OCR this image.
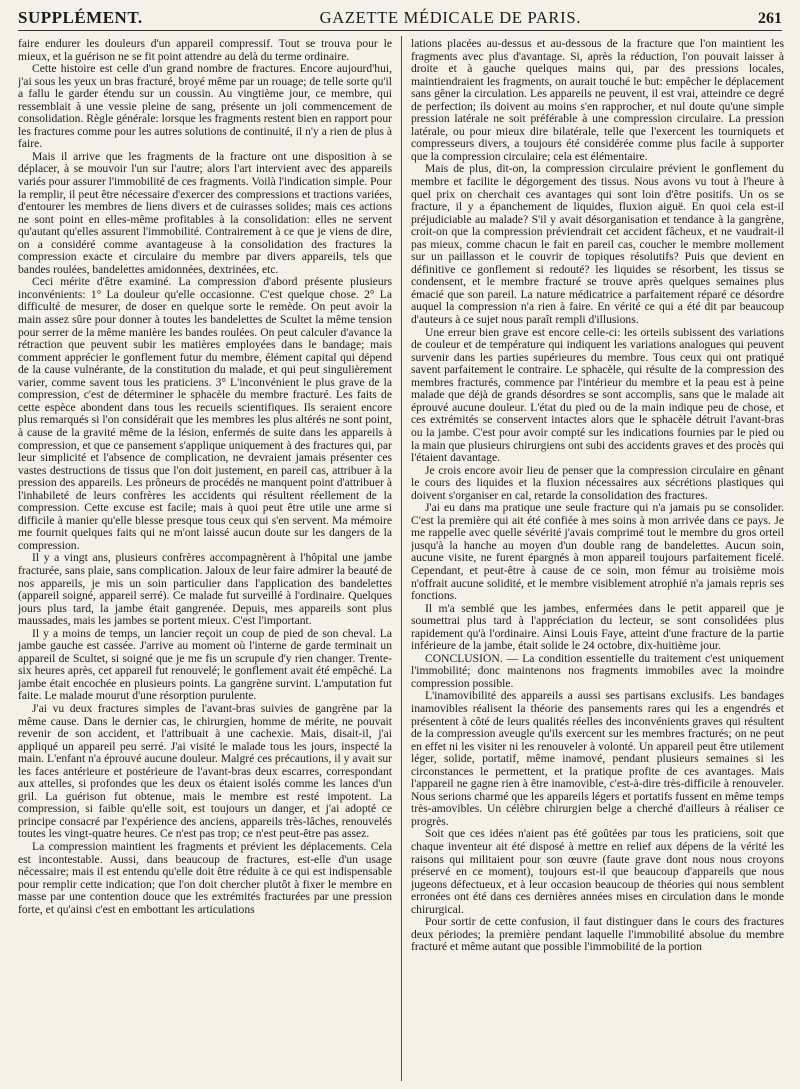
SUPPLÉMENT.	GAZETTE MÉDICALE DE PARIS.	261

faire endurer les douleurs d'un appareil compressif. Tout se trouva pour le mieux, et la guérison ne se fit point attendre au delà du terme ordinaire.

Cette histoire est celle d'un grand nombre de fractures. Encore aujourd'hui, j'ai sous les yeux un bras fracturé, broyé même par un rouage; de telle sorte qu'il a fallu le garder étendu sur un coussin. Au vingtième jour, ce membre, qui ressemblait à une vessie pleine de sang, présente un joli commencement de consolidation. Règle générale: lorsque les fragments restent bien en rapport pour les fractures comme pour les autres solutions de continuité, il n'y a rien de plus à faire.

Mais il arrive que les fragments de la fracture ont une disposition à se déplacer, à se mouvoir l'un sur l'autre; alors l'art intervient avec des appareils variés pour assurer l'immobilité de ces fragments. Voilà l'indication simple. Pour la remplir, il peut être nécessaire d'exercer des compressions et tractions variées, d'entourer les membres de liens divers et de cuirasses solides; mais ces actions ne sont point en elles-même profitables à la consolidation: elles ne servent qu'autant qu'elles assurent l'immobilité. Contrairement à ce que je viens de dire, on a considéré comme avantageuse à la consolidation des fractures la compression exacte et circulaire du membre par divers appareils, tels que bandes roulées, bandelettes amidonnées, dextrinées, etc.

Ceci mérite d'être examiné. La compression d'abord présente plusieurs inconvénients: 1° La douleur qu'elle occasionne. C'est quelque chose. 2° La difficulté de mesurer, de doser en quelque sorte le remède. On peut avoir la main assez sûre pour donner à toutes les bandelettes de Scultet la même tension pour serrer de la même manière les bandes roulées. On peut calculer d'avance la rétraction que peuvent subir les matières employées dans le bandage; mais comment apprécier le gonflement futur du membre, élément capital qui dépend de la cause vulnérante, de la constitution du malade, et qui peut singulièrement varier, comme savent tous les praticiens. 3° L'inconvénient le plus grave de la compression, c'est de déterminer le sphacèle du membre fracturé. Les faits de cette espèce abondent dans tous les recueils scientifiques. Ils seraient encore plus remarqués si l'on considérait que les membres les plus altérés ne sont point, à cause de la gravité même de la lésion, enfermés de suite dans les appareils à compression, et que ce pansement s'applique uniquement à des fractures qui, par leur simplicité et l'absence de complication, ne devraient jamais présenter ces vastes destructions de tissus que l'on doit justement, en pareil cas, attribuer à la pression des appareils. Les prôneurs de procédés ne manquent point d'attribuer à l'inhabileté de leurs confrères les accidents qui résultent réellement de la compression. Cette excuse est facile; mais à quoi peut être utile une arme si difficile à manier qu'elle blesse presque tous ceux qui s'en servent. Ma mémoire me fournit quelques faits qui ne m'ont laissé aucun doute sur les dangers de la compression.

Il y a vingt ans, plusieurs confrères accompagnèrent à l'hôpital une jambe fracturée, sans plaie, sans complication. Jaloux de leur faire admirer la beauté de nos appareils, je mis un soin particulier dans l'application des bandelettes (appareil soigné, appareil serré). Ce malade fut surveillé à l'ordinaire. Quelques jours plus tard, la jambe était gangrenée. Depuis, mes appareils sont plus maussades, mais les jambes se portent mieux. C'est l'important.

Il y a moins de temps, un lancier reçoit un coup de pied de son cheval. La jambe gauche est cassée. J'arrive au moment où l'interne de garde terminait un appareil de Scultet, si soigné que je me fis un scrupule d'y rien changer. Trente-six heures après, cet appareil fut renouvelé; le gonflement avait été empêché. La jambe était encochée en plusieurs points. La gangrène survint. L'amputation fut faite. Le malade mourut d'une résorption purulente.

J'ai vu deux fractures simples de l'avant-bras suivies de gangrène par la même cause. Dans le dernier cas, le chirurgien, homme de mérite, ne pouvait revenir de son accident, et l'attribuait à une cachexie. Mais, disait-il, j'ai appliqué un appareil peu serré. J'ai visité le malade tous les jours, inspecté la main. L'enfant n'a éprouvé aucune douleur. Malgré ces précautions, il y avait sur les faces antérieure et postérieure de l'avant-bras deux escarres, correspondant aux attelles, si profondes que les deux os étaient isolés comme les lances d'un gril. La guérison fut obtenue, mais le membre est resté impotent. La compression, si faible qu'elle soit, est toujours un danger, et j'ai adopté ce principe consacré par l'expérience des anciens, appareils très-lâches, renouvelés toutes les vingt-quatre heures. Ce n'est pas trop; ce n'est peut-être pas assez.

La compression maintient les fragments et prévient les déplacements. Cela est incontestable. Aussi, dans beaucoup de fractures, est-elle d'un usage nécessaire; mais il est entendu qu'elle doit être réduite à ce qui est indispensable pour remplir cette indication; que l'on doit chercher plutôt à fixer le membre en masse par une contention douce que les extrémités fracturées par une pression forte, et qu'ainsi c'est en embottant les articulations

lations placées au-dessus et au-dessous de la fracture que l'on maintient les fragments avec plus d'avantage. Si, après la réduction, l'on pouvait laisser à droite et à gauche quelques mains qui, par des pressions locales, maintiendraient les fragments, on aurait touché le but: empêcher le déplacement sans gêner la circulation. Les appareils ne peuvent, il est vrai, atteindre ce degré de perfection; ils doivent au moins s'en rapprocher, et nul doute qu'une simple pression latérale ne soit préférable à une compression circulaire. La pression latérale, ou pour mieux dire bilatérale, telle que l'exercent les tourniquets et compresseurs divers, a toujours été considérée comme plus facile à supporter que la compression circulaire; cela est élémentaire.

Mais de plus, dit-on, la compression circulaire prévient le gonflement du membre et facilite le dégorgement des tissus. Nous avons vu tout à l'heure à quel prix on cherchait ces avantages qui sont loin d'être positifs. Un os se fracture, il y a épanchement de liquides, fluxion aiguë. En quoi cela est-il préjudiciable au malade? S'il y avait désorganisation et tendance à la gangrène, croit-on que la compression préviendrait cet accident fâcheux, et ne vaudrait-il pas mieux, comme chacun le fait en pareil cas, coucher le membre mollement sur un paillasson et le couvrir de topiques résolutifs? Puis que devient en définitive ce gonflement si redouté? les liquides se résorbent, les tissus se condensent, et le membre fracturé se trouve après quelques semaines plus émacié que son pareil. La nature médicatrice a parfaitement réparé ce désordre auquel la compression n'a rien à faire. En vérité ce qui a été dit par beaucoup d'auteurs à ce sujet nous paraît rempli d'illusions.

Une erreur bien grave est encore celle-ci: les orteils subissent des variations de couleur et de température qui indiquent les variations analogues qui peuvent survenir dans les parties supérieures du membre. Tous ceux qui ont pratiqué savent parfaitement le contraire. Le sphacèle, qui résulte de la compression des membres fracturés, commence par l'intérieur du membre et la peau est à peine malade que déjà de grands désordres se sont accomplis, sans que le malade ait éprouvé aucune douleur. L'état du pied ou de la main indique peu de chose, et ces extrémités se conservent intactes alors que le sphacèle détruit l'avant-bras ou la jambe. C'est pour avoir compté sur les indications fournies par le pied ou la main que plusieurs chirurgiens ont subi des accidents graves et des procès qui l'étaient davantage.

Je crois encore avoir lieu de penser que la compression circulaire en gênant le cours des liquides et la fluxion nécessaires aux sécrétions plastiques qui doivent s'organiser en cal, retarde la consolidation des fractures.

J'ai eu dans ma pratique une seule fracture qui n'a jamais pu se consolider. C'est la première qui ait été confiée à mes soins à mon arrivée dans ce pays. Je me rappelle avec quelle sévérité j'avais comprimé tout le membre du gros orteil jusqu'à la hanche au moyen d'un double rang de bandelettes. Aucun soin, aucune visite, ne furent épargnés à mon appareil toujours parfaitement ficelé. Cependant, et peut-être à cause de ce soin, mon fémur au troisième mois n'offrait aucune solidité, et le membre visiblement atrophié n'a jamais repris ses fonctions.

Il m'a semblé que les jambes, enfermées dans le petit appareil que je soumettrai plus tard à l'appréciation du lecteur, se sont consolidées plus rapidement qu'à l'ordinaire. Ainsi Louis Faye, atteint d'une fracture de la partie inférieure de la jambe, était solide le 24 octobre, dix-huitième jour.

CONCLUSION. — La condition essentielle du traitement c'est uniquement l'immobilité; donc maintenons nos fragments immobiles avec la moindre compression possible.

L'inamovibilité des appareils a aussi ses partisans exclusifs. Les bandages inamovibles réalisent la théorie des pansements rares qui les a engendrés et présentent à côté de leurs qualités réelles des inconvénients graves qui résultent de la compression aveugle qu'ils exercent sur les membres fracturés; on ne peut en effet ni les visiter ni les renouveler à volonté. Un appareil peut être utilement léger, solide, portatif, même inamové, pendant plusieurs semaines si les circonstances le permettent, et la pratique profite de ces avantages. Mais l'appareil ne gagne rien à être inamovible, c'est-à-dire très-difficile à renouveler. Nous serions charmé que les appareils légers et portatifs fussent en même temps très-amovibles. Un célèbre chirurgien belge a cherché d'ailleurs à réaliser ce progrès.

Soit que ces idées n'aient pas été goûtées par tous les praticiens, soit que chaque inventeur ait été disposé à mettre en relief aux dépens de la vérité les raisons qui militaient pour son œuvre (faute grave dont nous nous croyons préservé en ce moment), toujours est-il que beaucoup d'appareils que nous jugeons défectueux, et à leur occasion beaucoup de théories qui nous semblent erronées ont été dans ces dernières années mises en circulation dans le monde chirurgical.

Pour sortir de cette confusion, il faut distinguer dans le cours des fractures deux périodes; la première pendant laquelle l'immobilité absolue du membre fracturé et même autant que possible l'immobilité de la portion
